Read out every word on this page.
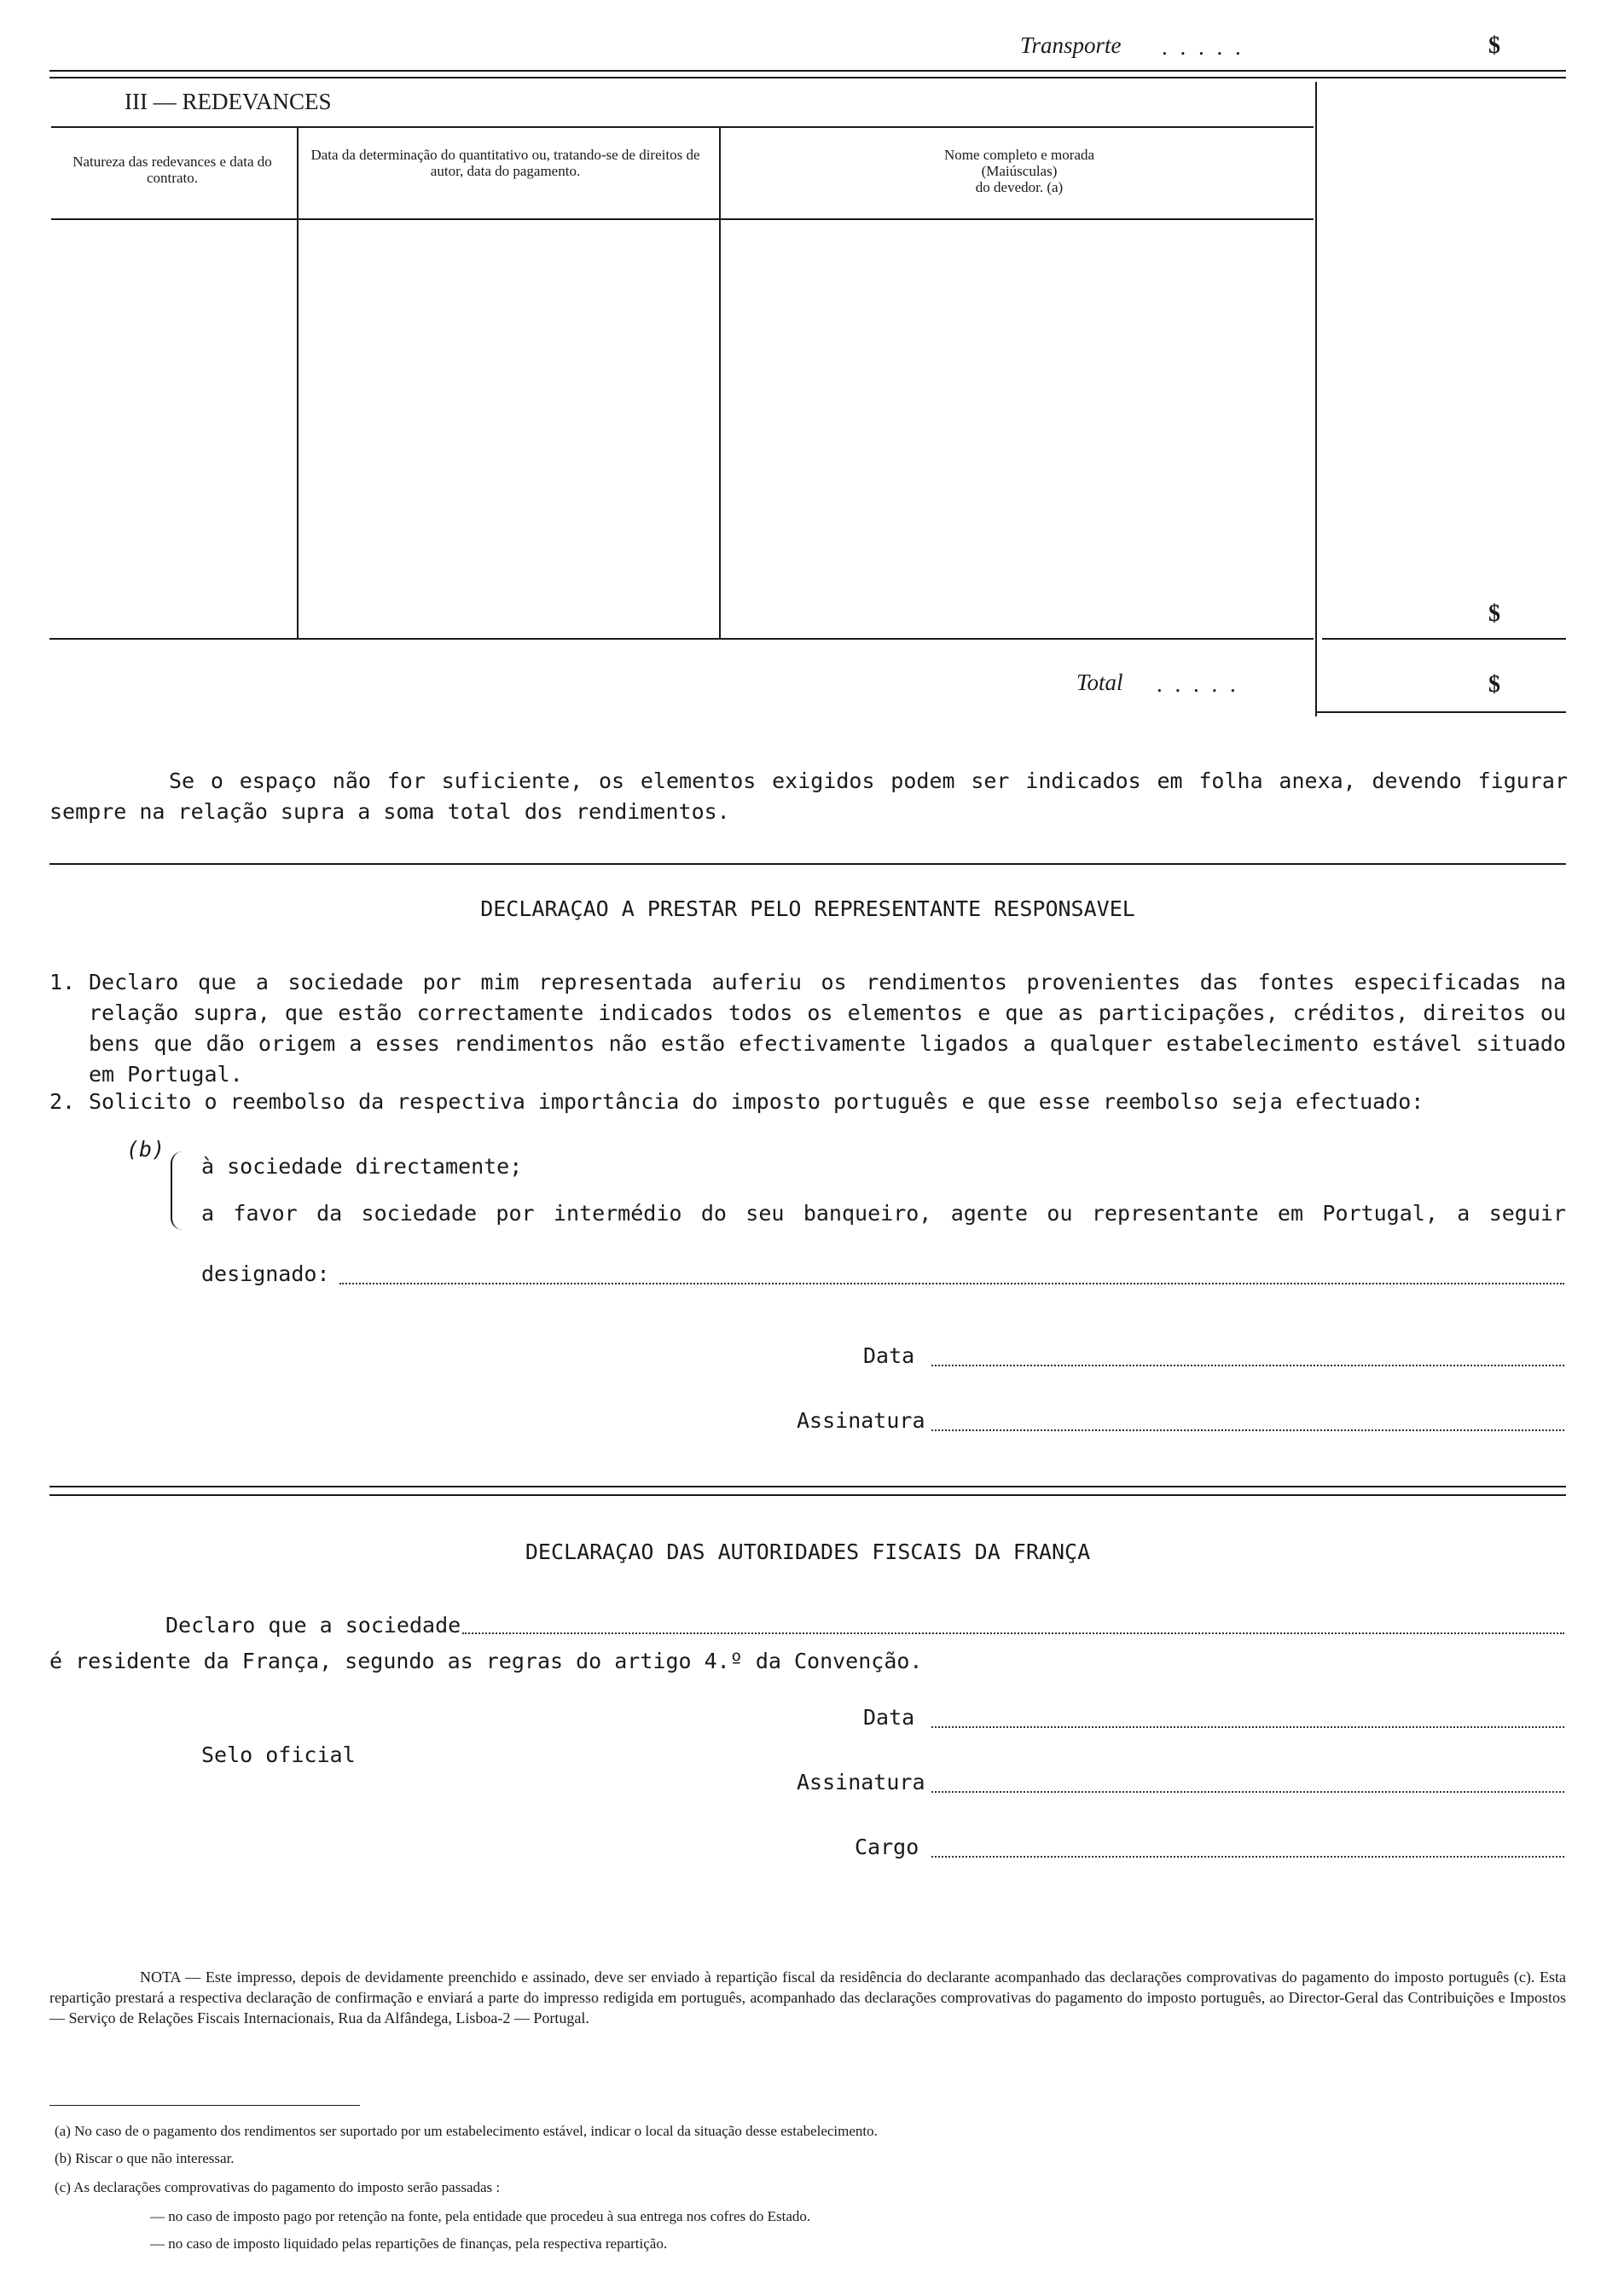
Transporte . . . . .	$
III — REDEVANCES
Natureza das redevances e data do contrato.
Data da determinação do quantitativo ou, tratando-se de direitos de autor, data do pagamento.
Nome completo e morada
(Maiúsculas)
do devedor. (a)
$
Total . . . . .	$
Se o espaço não for suficiente, os elementos exigidos podem ser indicados em folha anexa, devendo figurar sempre na relação supra a soma total dos rendimentos.
DECLARAÇAO A PRESTAR PELO REPRESENTANTE RESPONSAVEL
1. Declaro que a sociedade por mim representada auferiu os rendimentos provenientes das fontes especificadas na relação supra, que estão correctamente indicados todos os elementos e que as participações, créditos, direitos ou bens que dão origem a esses rendimentos não estão efectivamente ligados a qualquer estabelecimento estável situado em Portugal.
2. Solicito o reembolso da respectiva importância do imposto português e que esse reembolso seja efectuado:
(b)
à sociedade directamente;
a favor da sociedade por intermédio do seu banqueiro, agente ou representante em Portugal, a seguir
designado:
Data
Assinatura
DECLARAÇAO DAS AUTORIDADES FISCAIS DA FRANÇA
Declaro que a sociedade
é residente da França, segundo as regras do artigo 4.º da Convenção.
Data
Selo oficial
Assinatura
Cargo
NOTA — Este impresso, depois de devidamente preenchido e assinado, deve ser enviado à repartição fiscal da residência do declarante acompanhado das declarações comprovativas do pagamento do imposto português (c). Esta repartição prestará a respectiva declaração de confirmação e enviará a parte do impresso redigida em português, acompanhado das declarações comprovativas do pagamento do imposto português, ao Director-Geral das Contribuições e Impostos — Serviço de Relações Fiscais Internacionais, Rua da Alfândega, Lisboa-2 — Portugal.
(a) No caso de o pagamento dos rendimentos ser suportado por um estabelecimento estável, indicar o local da situação desse estabelecimento.
(b) Riscar o que não interessar.
(c) As declarações comprovativas do pagamento do imposto serão passadas :
— no caso de imposto pago por retenção na fonte, pela entidade que procedeu à sua entrega nos cofres do Estado.
— no caso de imposto liquidado pelas repartições de finanças, pela respectiva repartição.
